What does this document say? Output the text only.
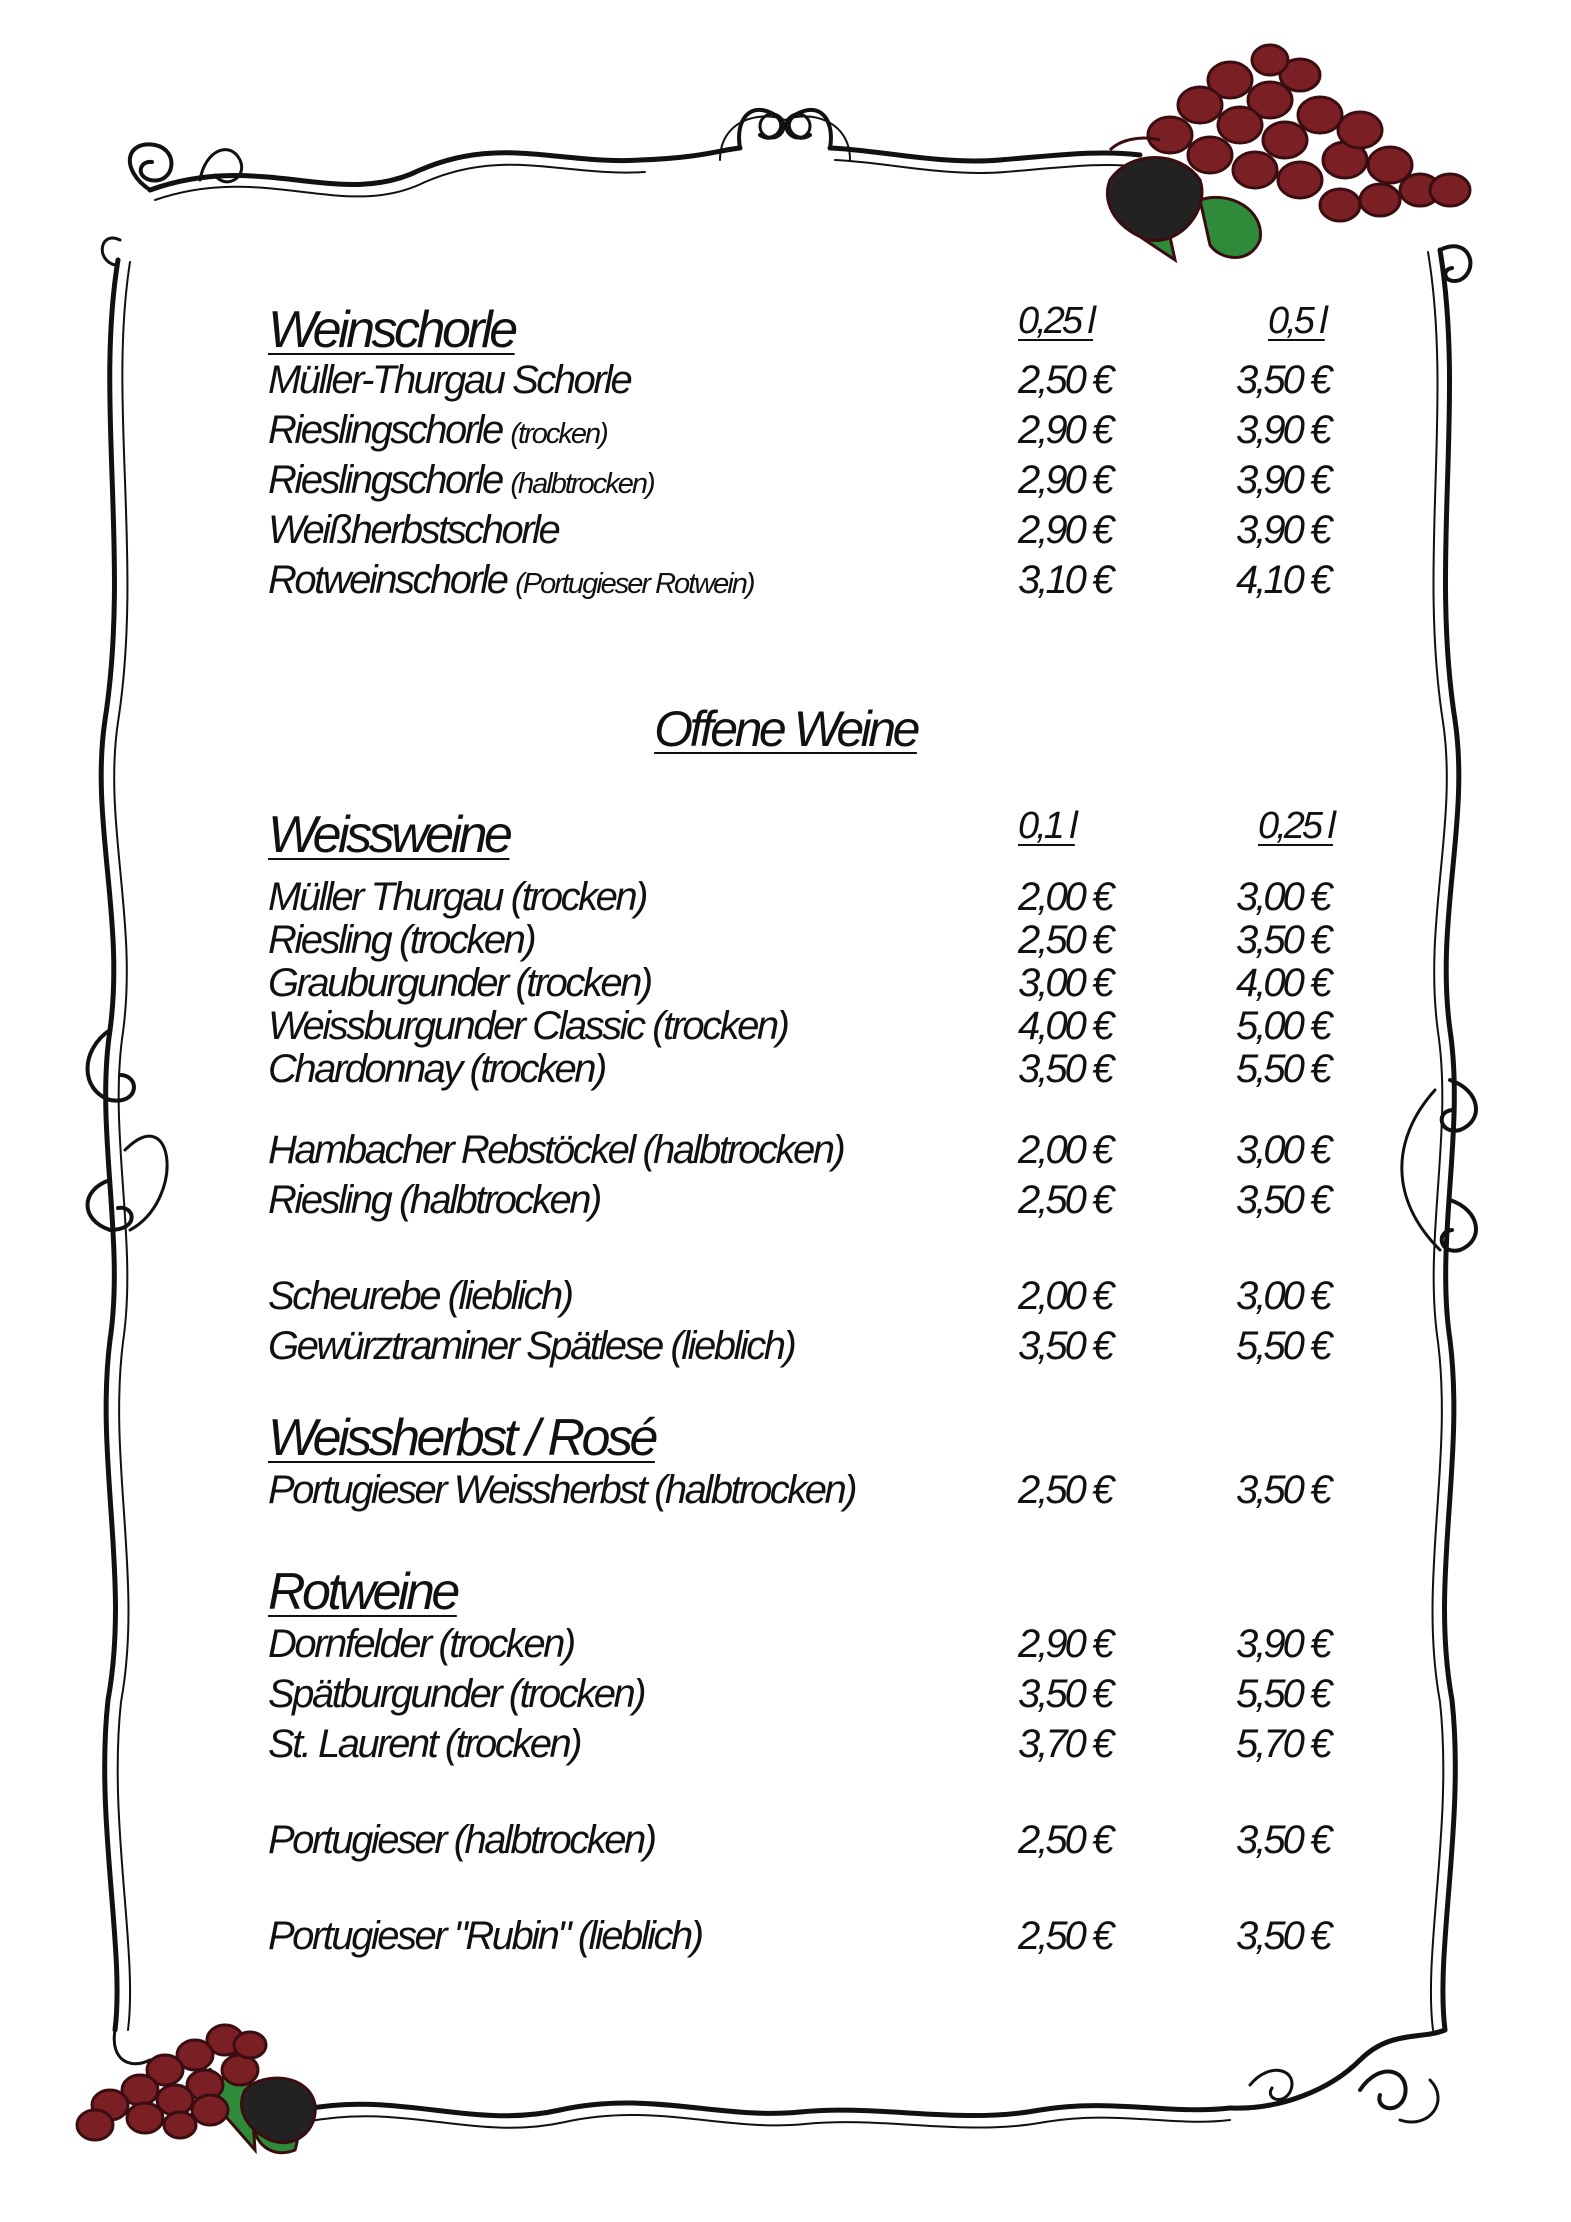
Weinschorle	0,25 l	0,5 l
Müller-Thurgau Schorle	2,50 €	3,50 €
Rieslingschorle (trocken)	2,90 €	3,90 €
Rieslingschorle (halbtrocken)	2,90 €	3,90 €
Weißherbstschorle	2,90 €	3,90 €
Rotweinschorle (Portugieser Rotwein)	3,10 €	4,10 €
Offene Weine
Weissweine	0,1 l	0,25 l
Müller Thurgau (trocken)	2,00 €	3,00 €
Riesling (trocken)	2,50 €	3,50 €
Grauburgunder (trocken)	3,00 €	4,00 €
Weissburgunder Classic (trocken)	4,00 €	5,00 €
Chardonnay (trocken)	3,50 €	5,50 €
Hambacher Rebstöckel (halbtrocken)	2,00 €	3,00 €
Riesling (halbtrocken)	2,50 €	3,50 €
Scheurebe (lieblich)	2,00 €	3,00 €
Gewürztraminer Spätlese (lieblich)	3,50 €	5,50 €
Weissherbst / Rosé
Portugieser Weissherbst (halbtrocken)	2,50 €	3,50 €
Rotweine
Dornfelder (trocken)	2,90 €	3,90 €
Spätburgunder (trocken)	3,50 €	5,50 €
St. Laurent (trocken)	3,70 €	5,70 €
Portugieser (halbtrocken)	2,50 €	3,50 €
Portugieser "Rubin" (lieblich)	2,50 €	3,50 €
